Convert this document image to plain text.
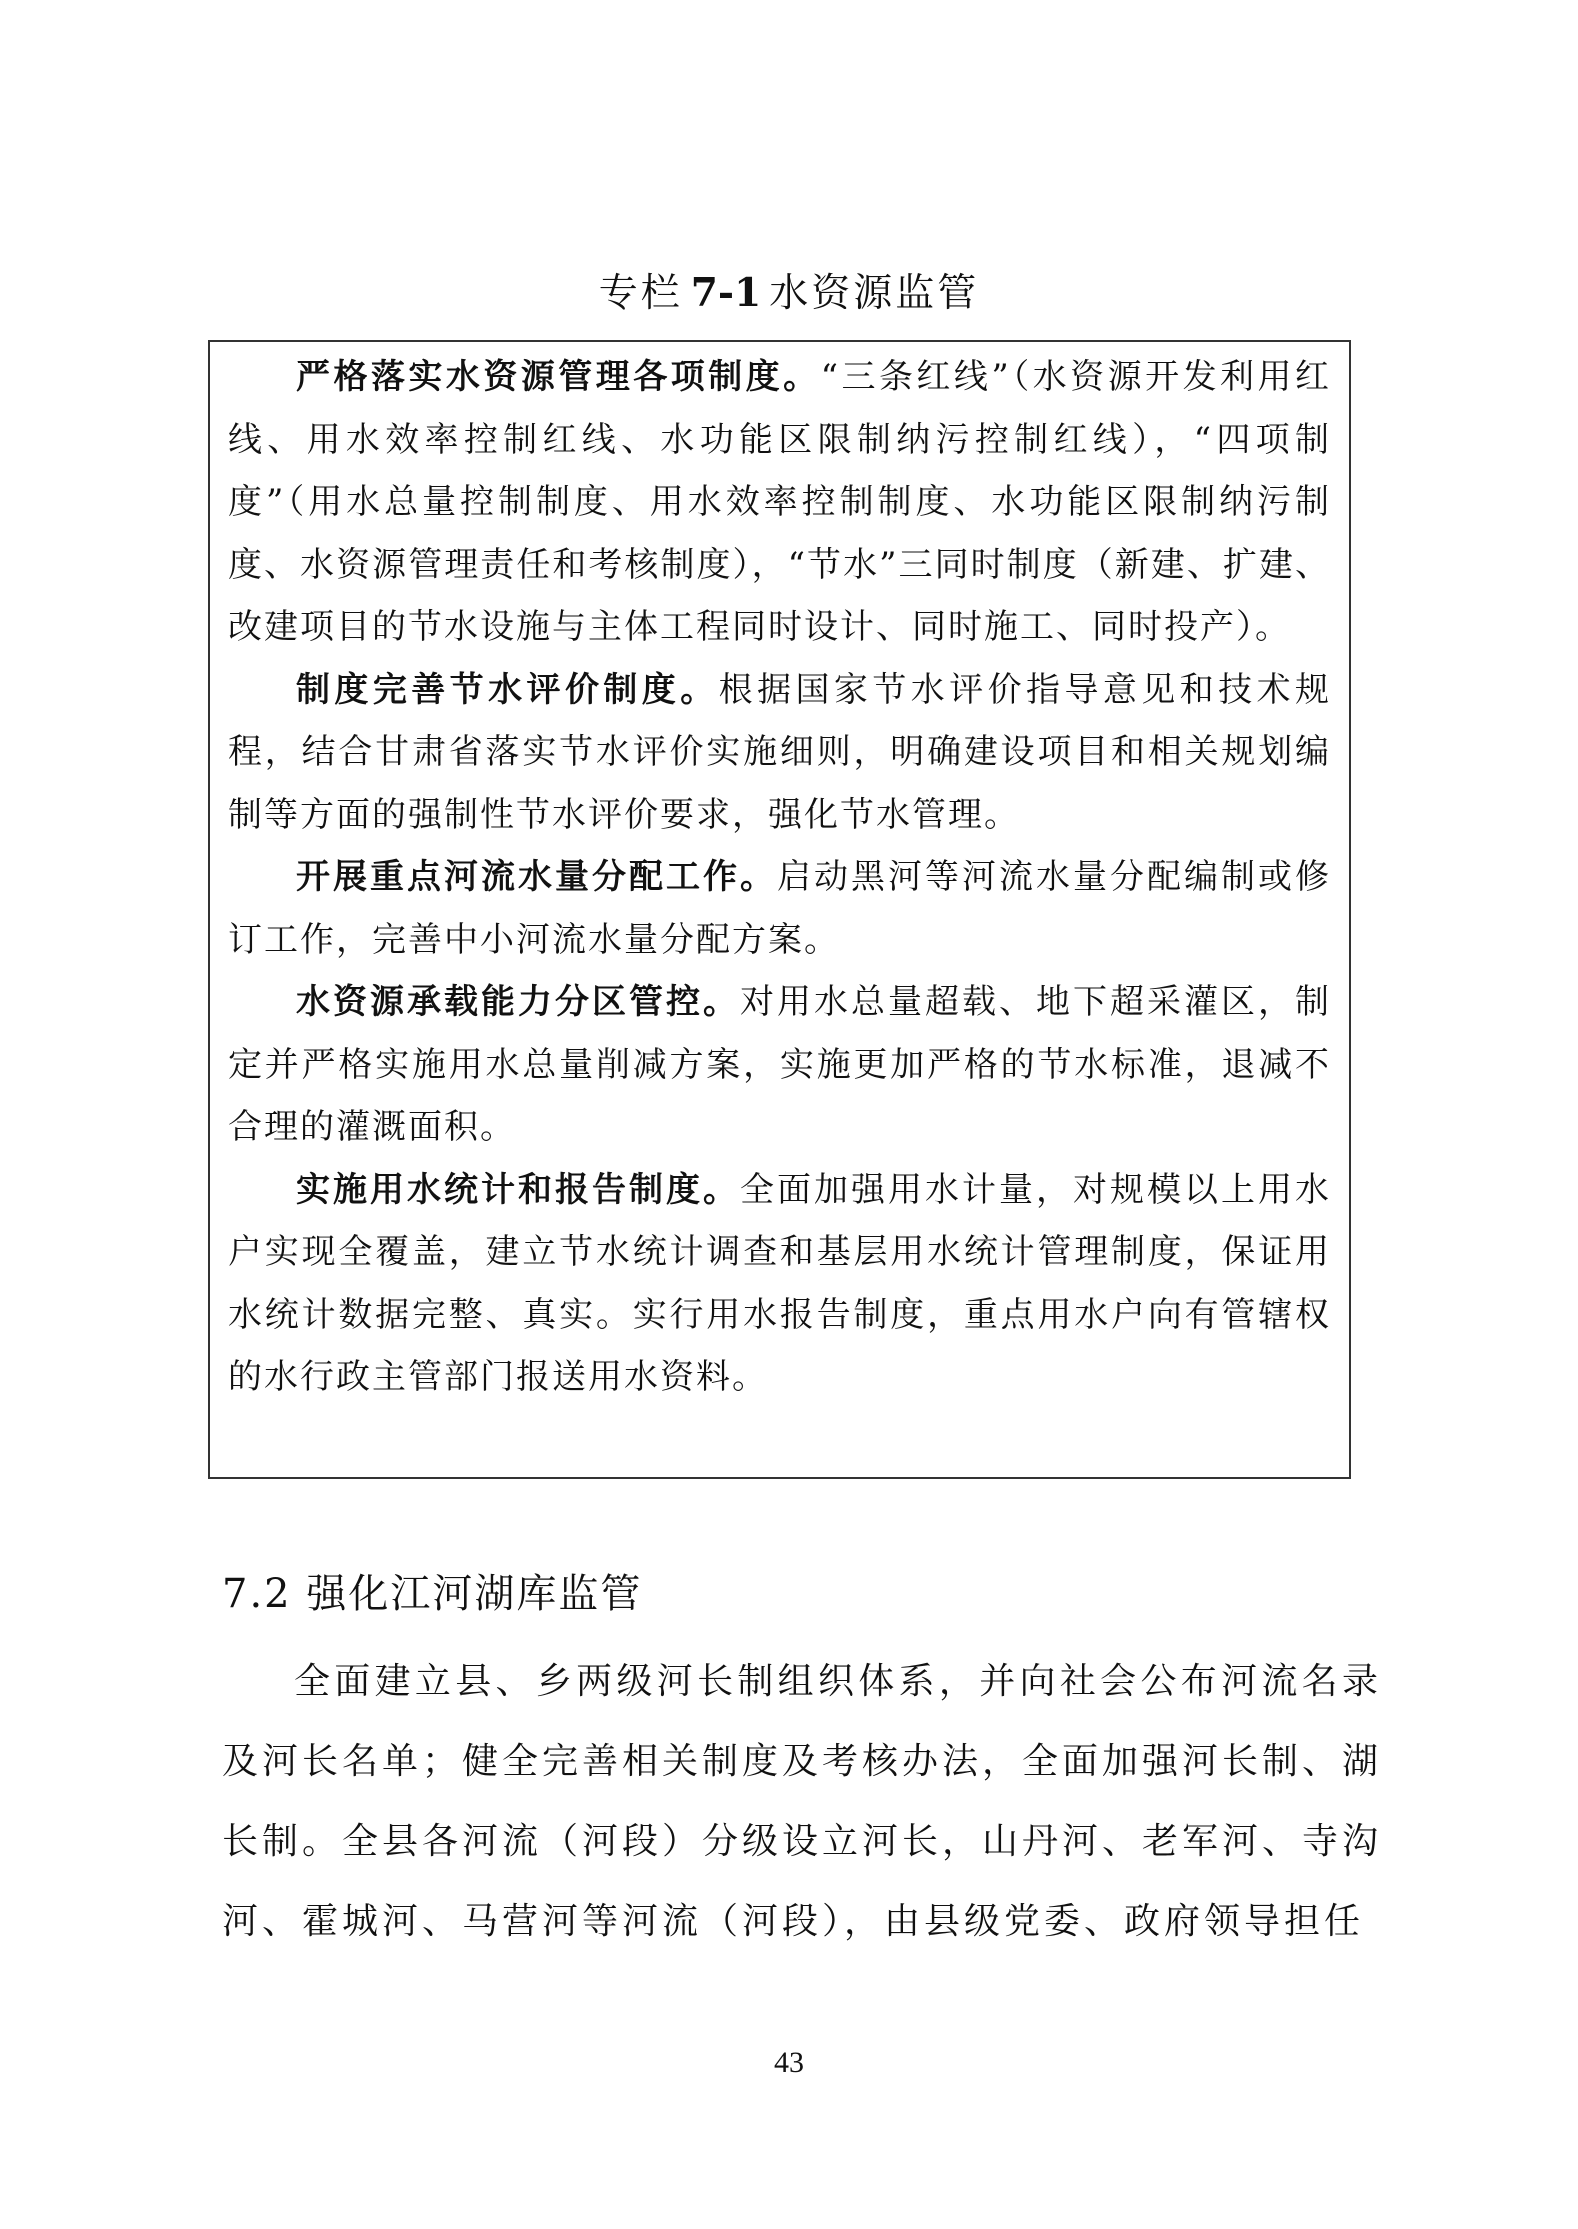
专栏 7-1 水资源监管

严格落实水资源管理各项制度。“三条红线”（水资源开发利用红线、用水效率控制红线、水功能区限制纳污控制红线），“四项制度”（用水总量控制制度、用水效率控制制度、水功能区限制纳污制度、水资源管理责任和考核制度），“节水”三同时制度（新建、扩建、改建项目的节水设施与主体工程同时设计、同时施工、同时投产）。

制度完善节水评价制度。根据国家节水评价指导意见和技术规程，结合甘肃省落实节水评价实施细则，明确建设项目和相关规划编制等方面的强制性节水评价要求，强化节水管理。

开展重点河流水量分配工作。启动黑河等河流水量分配编制或修订工作，完善中小河流水量分配方案。

水资源承载能力分区管控。对用水总量超载、地下超采灌区，制定并严格实施用水总量削减方案，实施更加严格的节水标准，退减不合理的灌溉面积。

实施用水统计和报告制度。全面加强用水计量，对规模以上用水户实现全覆盖，建立节水统计调查和基层用水统计管理制度，保证用水统计数据完整、真实。实行用水报告制度，重点用水户向有管辖权的水行政主管部门报送用水资料。

7.2 强化江河湖库监管

全面建立县、乡两级河长制组织体系，并向社会公布河流名录及河长名单；健全完善相关制度及考核办法，全面加强河长制、湖长制。全县各河流（河段）分级设立河长，山丹河、老军河、寺沟河、霍城河、马营河等河流（河段），由县级党委、政府领导担任

43
